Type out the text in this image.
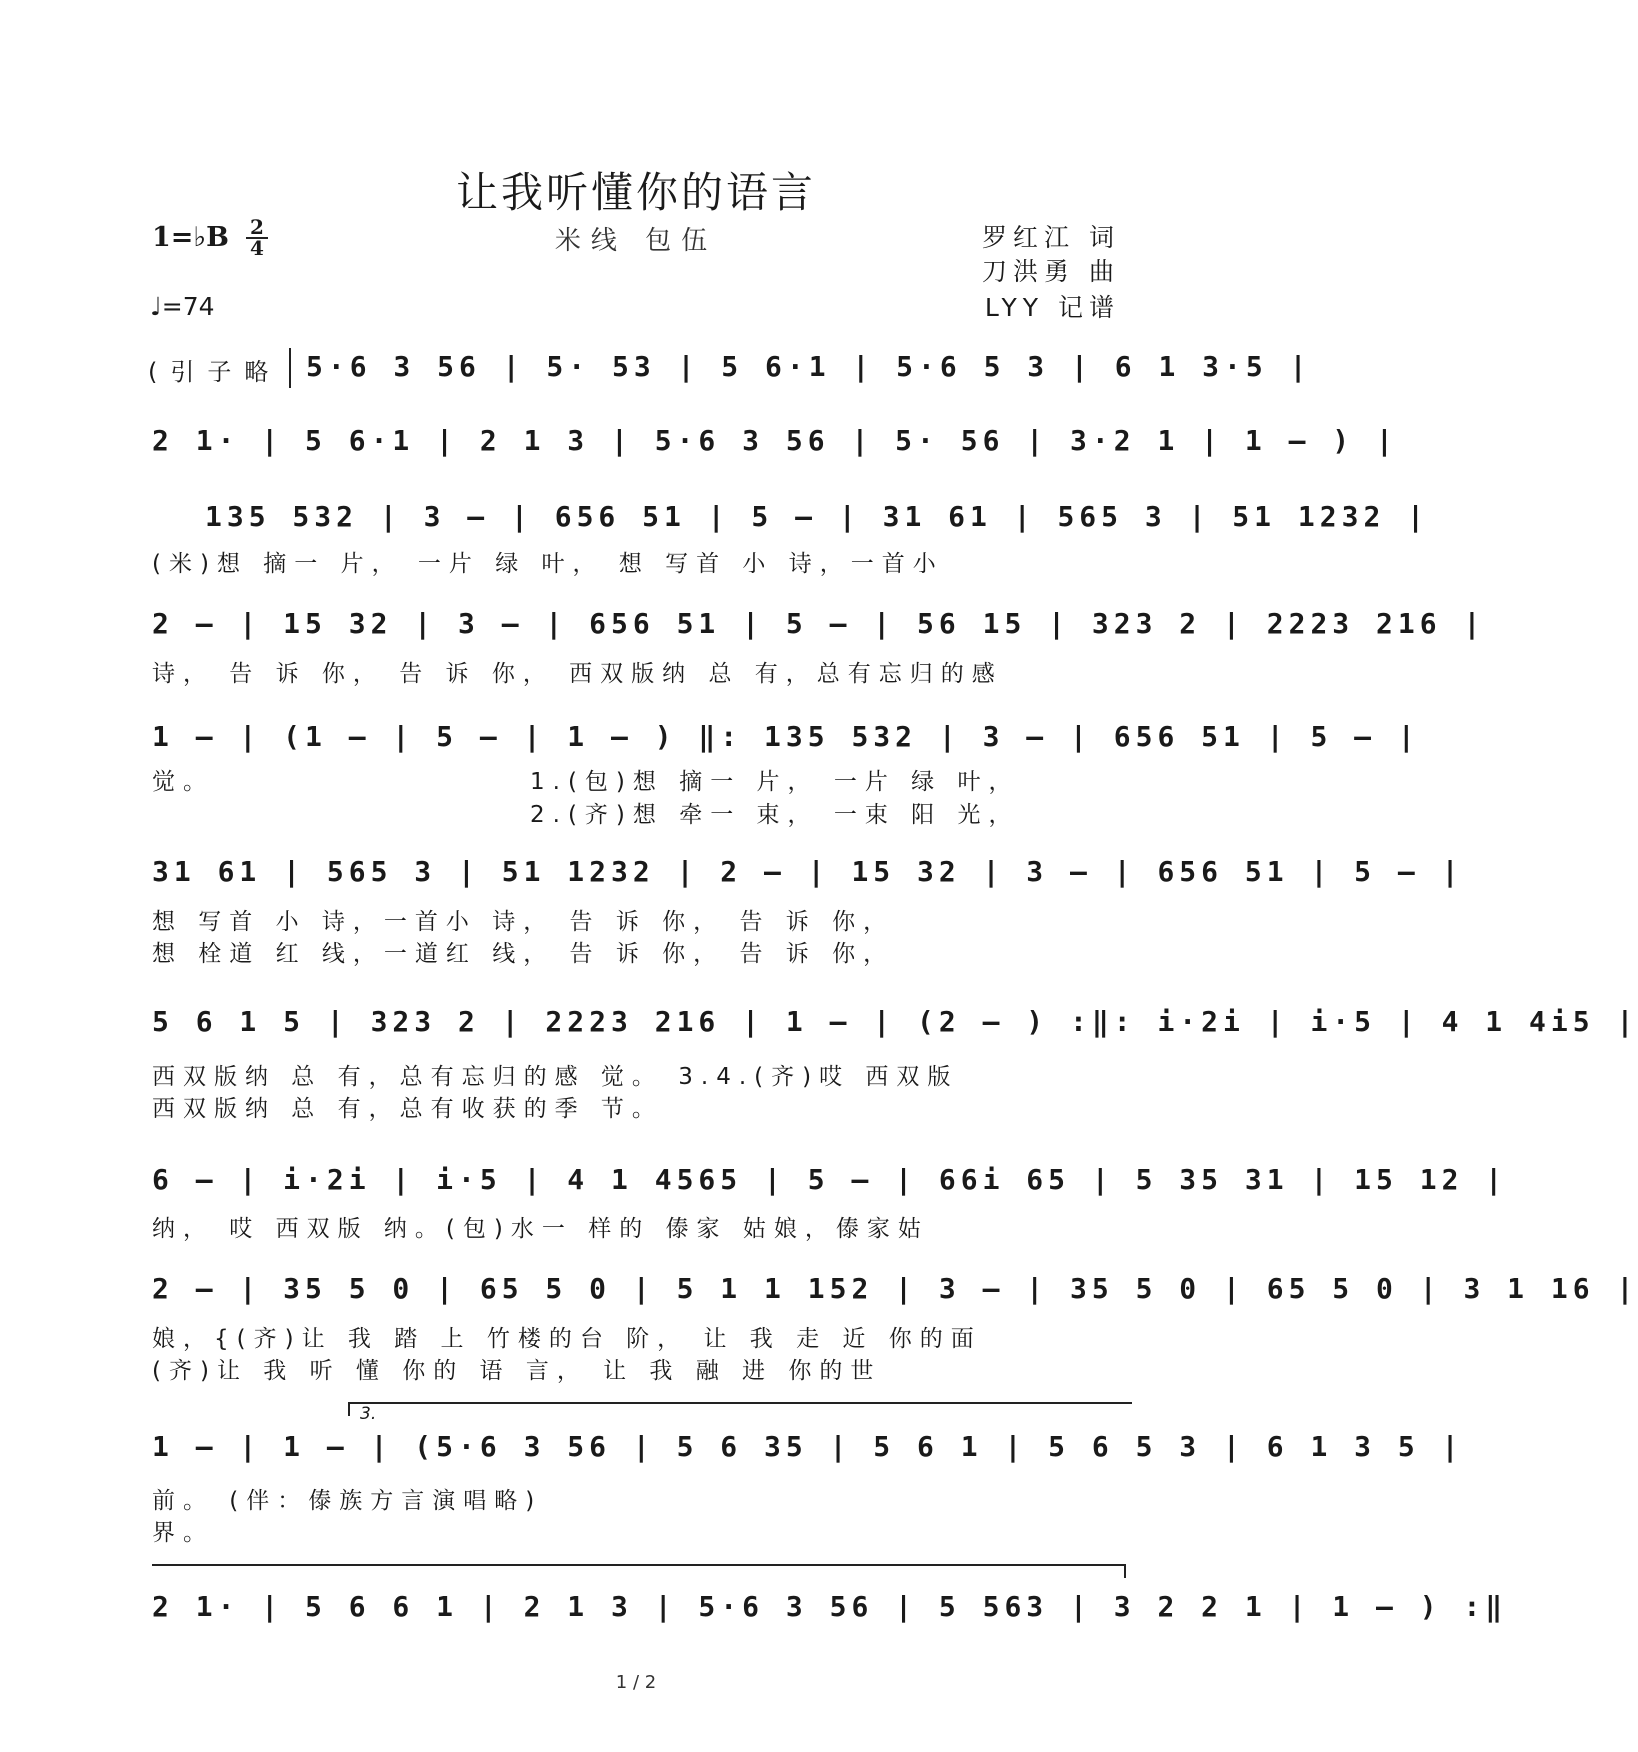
让我听懂你的语言
米线 包伍
1=♭B 2
4
♩=74
罗红江 词
刀洪勇 曲
LYY 记谱
(引子略 5·6 3 56 | 5· 53 | 5 6·1 | 5·6 5 3 | 6 1 3·5 |
2 1· | 5 6·1 | 2 1 3 | 5·6 3 56 | 5· 56 | 3·2 1 | 1 – ) |
135 532 | 3 – | 656 51 | 5 – | 31 61 | 565 3 | 51 1232 |
(米)想 摘一 片， 一片 绿 叶， 想 写首 小 诗，一首小
2 – | 15 32 | 3 – | 656 51 | 5 – | 56 15 | 323 2 | 2223 216 |
诗， 告 诉 你， 告 诉 你， 西双版纳 总 有，总有忘归的感
1 – | (1 – | 5 – | 1 – ) ‖: 135 532 | 3 – | 656 51 | 5 – |
觉。	1.(包)想 摘一 片， 一片 绿 叶，
2.(齐)想 牵一 束， 一束 阳 光，
31 61 | 565 3 | 51 1232 | 2 – | 15 32 | 3 – | 656 51 | 5 – |
想 写首 小 诗，一首小 诗， 告 诉 你， 告 诉 你，
想 栓道 红 线，一道红 线， 告 诉 你， 告 诉 你，
5 6 1 5 | 323 2 | 2223 216 | 1 – | (2 – ) :‖: i·2i | i·5 | 4 1 4i5 |
西双版纳 总 有，总有忘归的感 觉。 3.4.(齐)哎 西双版
西双版纳 总 有，总有收获的季 节。
6 – | i·2i | i·5 | 4 1 4565 | 5 – | 66i 65 | 5 35 31 | 15 12 |
纳， 哎 西双版 纳。(包)水一 样的 傣家 姑娘，傣家姑
2 – | 35 5 0 | 65 5 0 | 5 1 1 152 | 3 – | 35 5 0 | 65 5 0 | 3 1 16 |
娘，{(齐)让 我 踏 上 竹楼的台 阶， 让 我 走 近 你的面
(齐)让 我 听 懂 你的 语 言， 让 我 融 进 你的世
3.
1 – | 1 – | (5·6 3 56 | 5 6 35 | 5 6 1 | 5 6 5 3 | 6 1 3 5 |
前。 (伴：傣族方言演唱略)
界。
2 1· | 5 6 6 1 | 2 1 3 | 5·6 3 56 | 5 563 | 3 2 2 1 | 1 – ) :‖
1 / 2
